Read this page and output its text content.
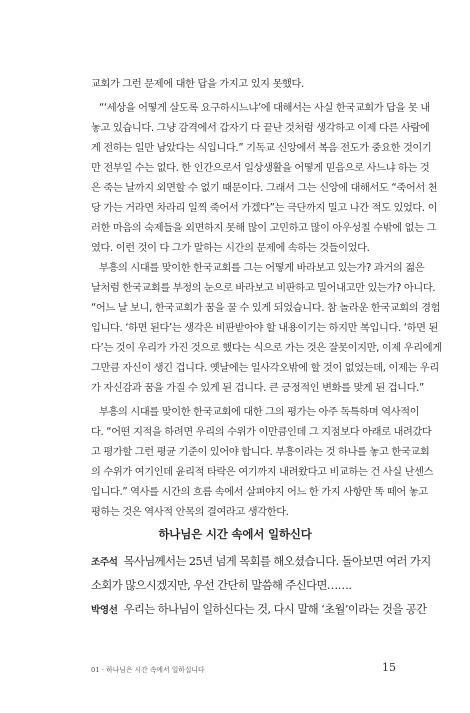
교회가 그런 문제에 대한 답을 가지고 있지 못했다.
“‘세상을 어떻게 살도록 요구하시느냐’에 대해서는 사실 한국교회가 답을 못 내
놓고 있습니다. 그냥 감격에서 갑자기 다 끝난 것처럼 생각하고 이제 다른 사람에
게 전하는 일만 남았다는 식입니다.” 기독교 신앙에서 복음 전도가 중요한 것이기
만 전부일 수는 없다. 한 인간으로서 일상생활을 어떻게 믿음으로 사느냐 하는 것
은 죽는 날까지 외면할 수 없기 때문이다. 그래서 그는 신앙에 대해서도 “죽어서 천
당 가는 거라면 차라리 일찍 죽어서 가겠다”는 극단까지 밀고 나간 적도 있었다. 이
러한 마음의 숙제들을 외면하지 못해 많이 고민하고 많이 아우성칠 수밖에 없는 그
였다. 이런 것이 다 그가 말하는 시간의 문제에 속하는 것들이었다.
부흥의 시대를 맞이한 한국교회를 그는 어떻게 바라보고 있는가? 과거의 젊은
날처럼 한국교회를 부정의 눈으로 바라보고 비판하고 밀어내고만 있는가? 아니다.
“어느 날 보니, 한국교회가 꿈을 꿀 수 있게 되었습니다. 참 놀라운 한국교회의 경험
입니다. ‘하면 된다’는 생각은 비판받아야 할 내용이기는 하지만 복입니다. ‘하면 된
다’는 것이 우리가 가진 것으로 했다는 식으로 가는 것은 잘못이지만, 이제 우리에게
그만큼 자신이 생긴 겁니다. 옛날에는 일사각오밖에 할 것이 없었는데, 이제는 우리
가 자신감과 꿈을 가질 수 있게 된 겁니다. 큰 긍정적인 변화를 맞게 된 겁니다.”
부흥의 시대를 맞이한 한국교회에 대한 그의 평가는 아주 독특하며 역사적이
다. “어떤 지적을 하려면 우리의 수위가 이만큼인데 그 지점보다 아래로 내려갔다
고 평가할 그런 평균 기준이 있어야 합니다. 부흥이라는 것 하나를 놓고 한국교회
의 수위가 여기인데 윤리적 타락은 여기까지 내려왔다고 비교하는 건 사실 난센스
입니다.” 역사를 시간의 흐름 속에서 살펴야지 어느 한 가지 사항만 똑 떼어 놓고
평하는 것은 역사적 안목의 결여라고 생각한다.
하나님은 시간 속에서 일하신다
조주석 목사님께서는 25년 넘게 목회를 해오셨습니다. 돌아보면 여러 가지
소회가 많으시겠지만, 우선 간단히 말씀해 주신다면…….
박영선 우리는 하나님이 일하신다는 것, 다시 말해 ‘초월’이라는 것을 공간
01 · 하나님은 시간 속에서 일하십니다	15
